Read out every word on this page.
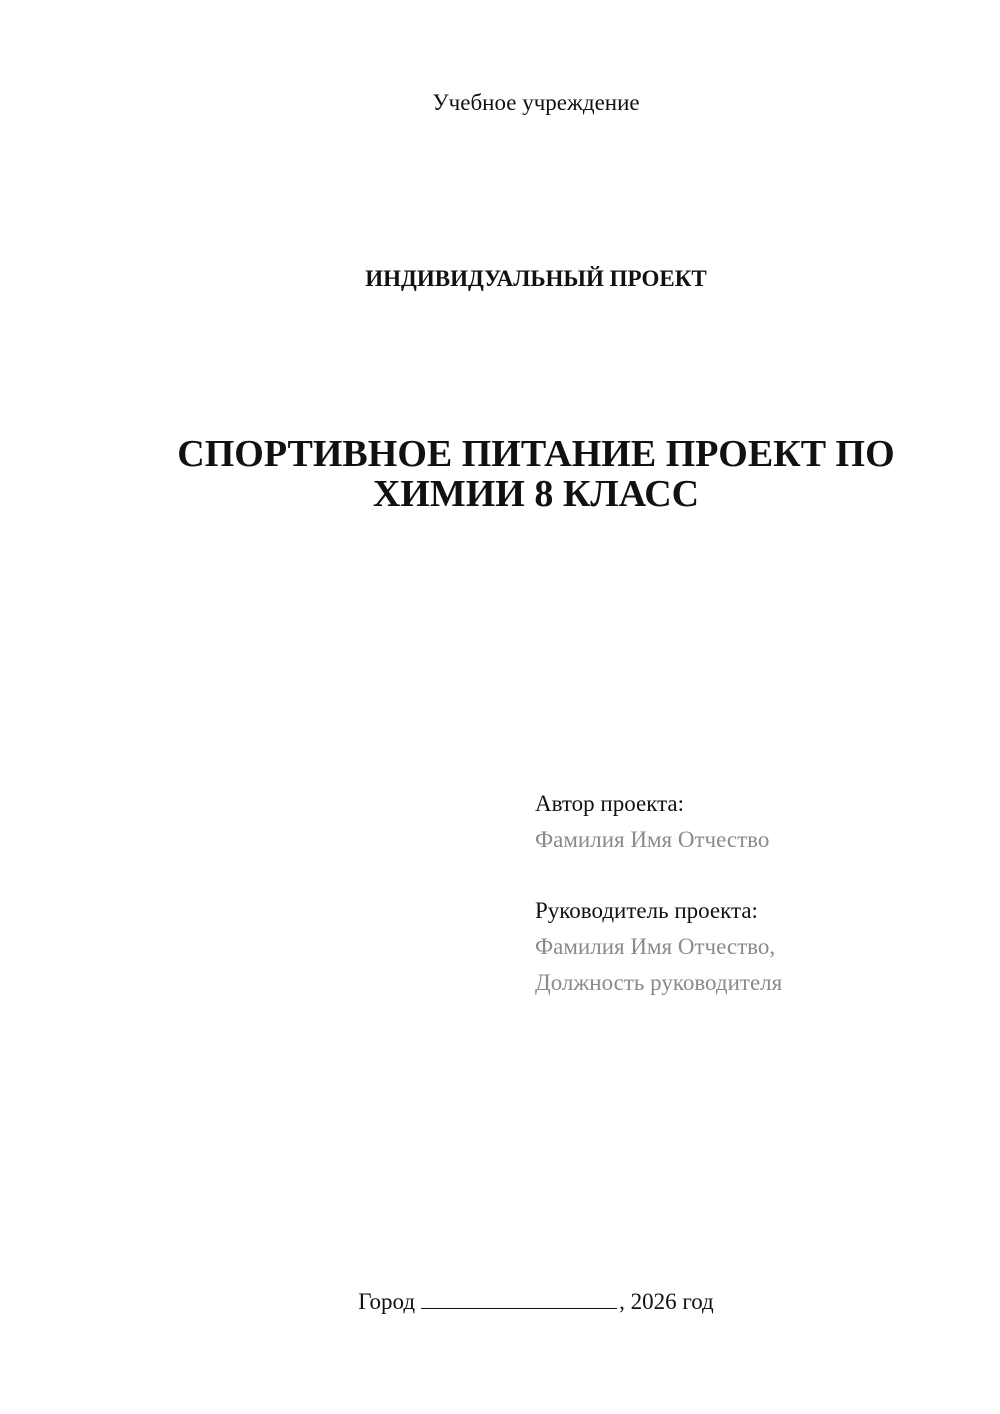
Учебное учреждение
ИНДИВИДУАЛЬНЫЙ ПРОЕКТ
СПОРТИВНОЕ ПИТАНИЕ ПРОЕКТ ПО
ХИМИИ 8 КЛАСС
Автор проекта:
Фамилия Имя Отчество
Руководитель проекта:
Фамилия Имя Отчество,
Должность руководителя
Город	, 2026 год
